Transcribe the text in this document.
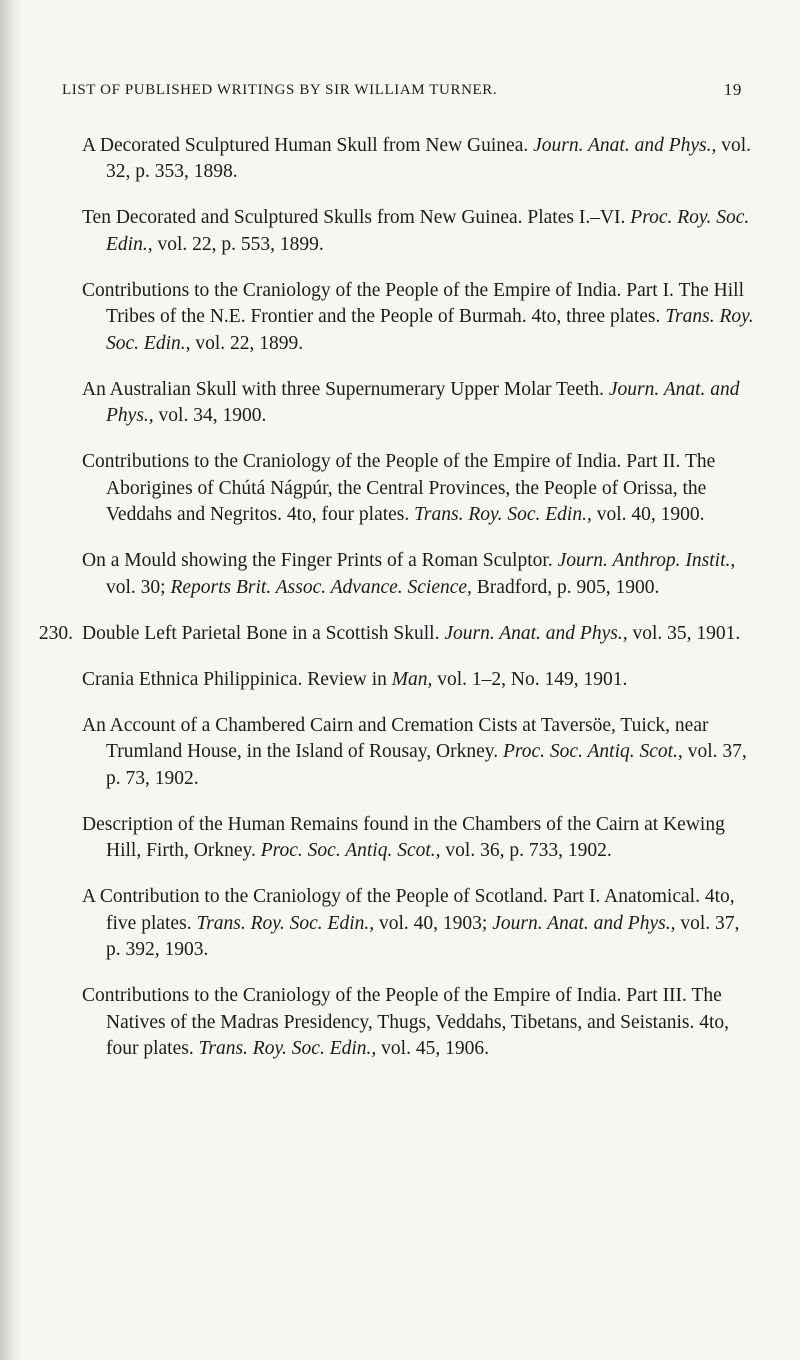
LIST OF PUBLISHED WRITINGS BY SIR WILLIAM TURNER.	19

A Decorated Sculptured Human Skull from New Guinea. Journ. Anat. and Phys., vol. 32, p. 353, 1898.

Ten Decorated and Sculptured Skulls from New Guinea. Plates I.–VI. Proc. Roy. Soc. Edin., vol. 22, p. 553, 1899.

Contributions to the Craniology of the People of the Empire of India. Part I. The Hill Tribes of the N.E. Frontier and the People of Burmah. 4to, three plates. Trans. Roy. Soc. Edin., vol. 22, 1899.

An Australian Skull with three Supernumerary Upper Molar Teeth. Journ. Anat. and Phys., vol. 34, 1900.

Contributions to the Craniology of the People of the Empire of India. Part II. The Aborigines of Chútá Nágpúr, the Central Provinces, the People of Orissa, the Veddahs and Negritos. 4to, four plates. Trans. Roy. Soc. Edin., vol. 40, 1900.

On a Mould showing the Finger Prints of a Roman Sculptor. Journ. Anthrop. Instit., vol. 30; Reports Brit. Assoc. Advance. Science, Bradford, p. 905, 1900.

230. Double Left Parietal Bone in a Scottish Skull. Journ. Anat. and Phys., vol. 35, 1901.

Crania Ethnica Philippinica. Review in Man, vol. 1–2, No. 149, 1901.

An Account of a Chambered Cairn and Cremation Cists at Taversöe, Tuick, near Trumland House, in the Island of Rousay, Orkney. Proc. Soc. Antiq. Scot., vol. 37, p. 73, 1902.

Description of the Human Remains found in the Chambers of the Cairn at Kewing Hill, Firth, Orkney. Proc. Soc. Antiq. Scot., vol. 36, p. 733, 1902.

A Contribution to the Craniology of the People of Scotland. Part I. Anatomical. 4to, five plates. Trans. Roy. Soc. Edin., vol. 40, 1903; Journ. Anat. and Phys., vol. 37, p. 392, 1903.

Contributions to the Craniology of the People of the Empire of India. Part III. The Natives of the Madras Presidency, Thugs, Veddahs, Tibetans, and Seistanis. 4to, four plates. Trans. Roy. Soc. Edin., vol. 45, 1906.
